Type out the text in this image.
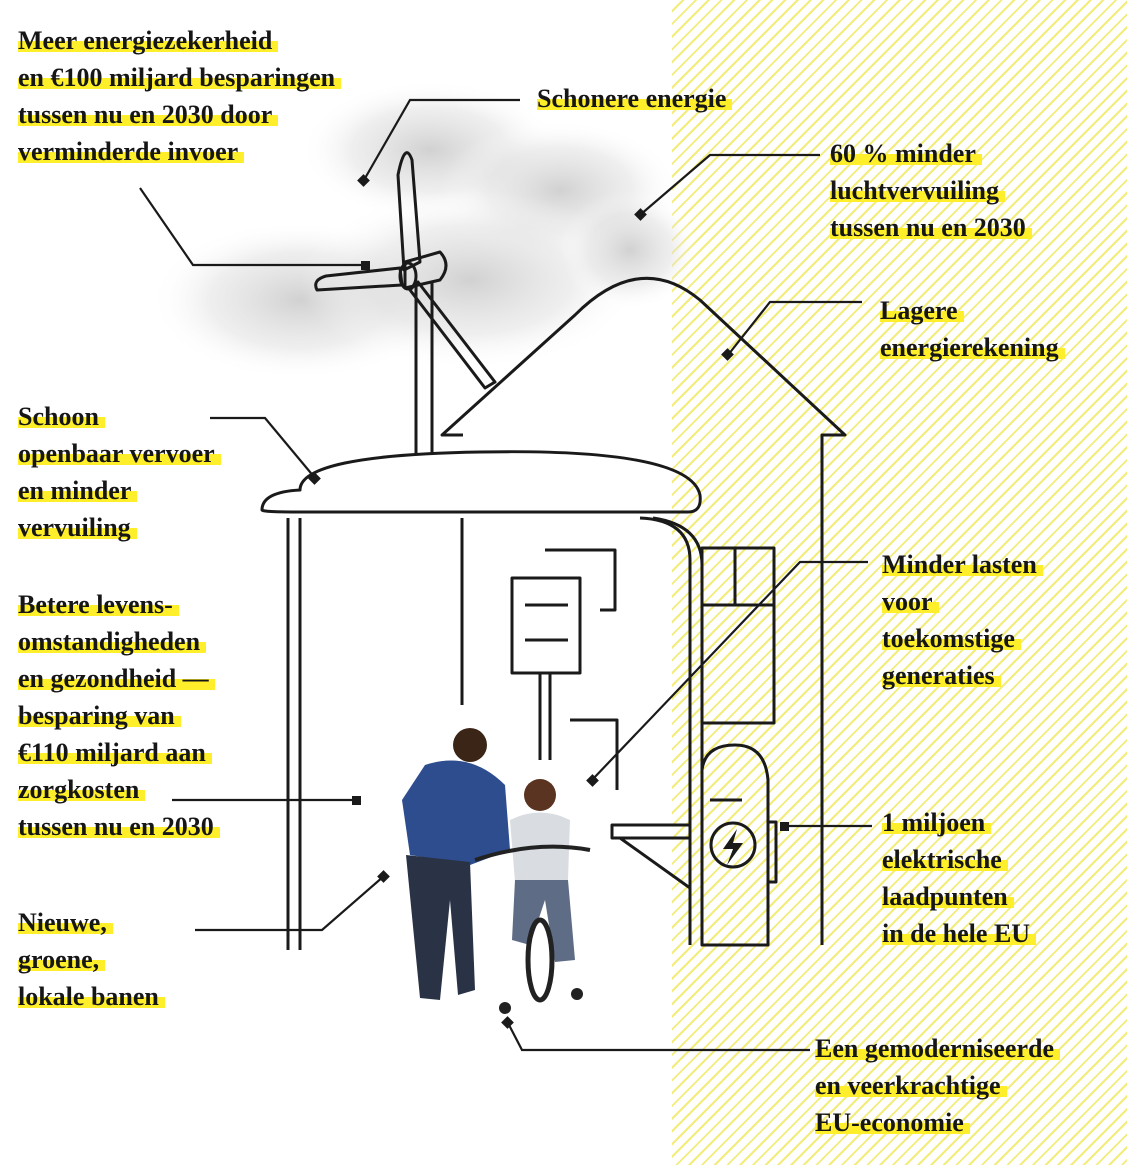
Meer energiezekerheid
en €100 miljard besparingen
tussen nu en 2030 door
verminderde invoer
Schonere energie
60 % minder
luchtvervuiling
tussen nu en 2030
Lagere
energierekening
Schoon
openbaar vervoer
en minder
vervuiling
Minder lasten
voor
toekomstige
generaties
Betere levens-
omstandigheden
en gezondheid —
besparing van
€110 miljard aan
zorgkosten
tussen nu en 2030	1 miljoen
elektrische
laadpunten
in de hele EU
Nieuwe,
groene,
lokale banen
Een gemoderniseerde
en veerkrachtige
EU-economie
